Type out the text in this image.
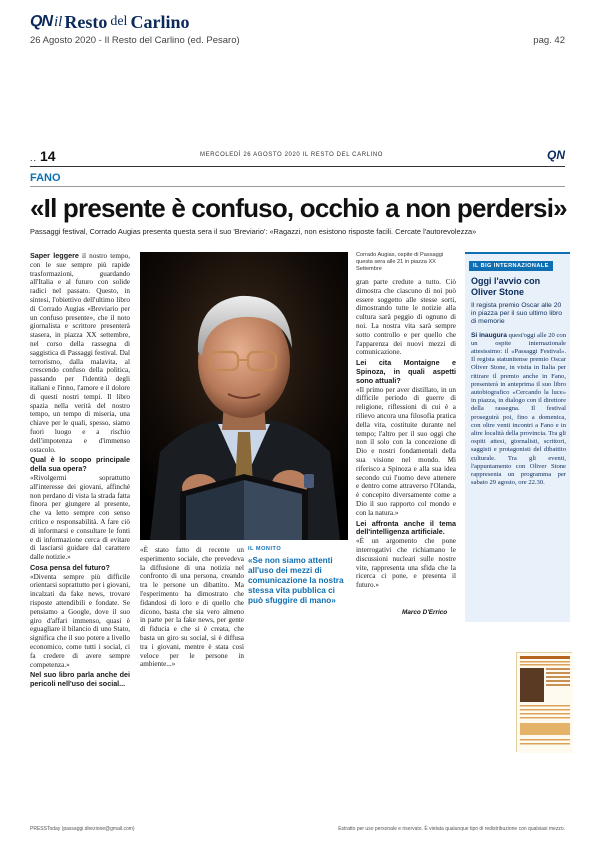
QN il Resto del Carlino
26 Agosto 2020 - Il Resto del Carlino (ed. Pesaro)	pag. 42
.. 14	MERCOLEDÌ 26 AGOSTO 2020 IL RESTO DEL CARLINO	QN
FANO
«Il presente è confuso, occhio a non perdersi»
Passaggi festival, Corrado Augias presenta questa sera il suo 'Breviario': «Ragazzi, non esistono risposte facili. Cercate l'autorevolezza»

Saper leggere il nostro tempo, con le sue sempre più rapide trasformazioni, guardando all'Italia e al futuro con solide radici nel passato. Questo, in sintesi, l'obiettivo dell'ultimo libro di Corrado Augias «Breviario per un confuso presente», che il noto giornalista e scrittore presenterà stasera, in piazza XX settembre, nel corso della rassegna di saggistica di Passaggi festival. Dal terrorismo, dalla malavita, al crescendo confuso della politica, passando per l'identità degli italiani e l'inno, l'amore e il dolore di questi nostri tempi. Il libro spazia nella verità del nostro tempo, un tempo di miseria, una chiave per le quali, spesso, siamo fuori luogo e a rischio dell'impotenza e d'immenso ostacolo.

Qual è lo scopo principale della sua opera?

«Rivolgermi soprattutto all'interesse dei giovani, affinché non perdano di vista la strada fatta finora per giungere al presente, che va letto sempre con senso critico e responsabilità. A fare ciò di informarsi e consultare le fonti e di informazione cerca di evitare di lasciarsi guidare dal carattere dalle notizie.»

Cosa pensa del futuro?

«Diventa sempre più difficile orientarsi soprattutto per i giovani, incalzati da fake news, trovare risposte attendibili e fondate. Se pensiamo a Google, dove il suo giro d'affari immenso, quasi è eguagliare il bilancio di uno Stato, significa che il suo potere a livello economico, come tutti i social, ci fa credere di avere sempre competenza.»

Nel suo libro parla anche dei pericoli nell'uso dei social...
Corrado Augias, ospite di Passaggi
questa sera alle 21 in piazza XX Settembre

«È stato fatto di recente un esperimento sociale, che prevedeva la diffusione di una notizia nel confronto di una persona, creando tra le persone un dibattito. Ma l'esperimento ha dimostrato che fidandosi di loro e di quello che dicono, basta che sia vero almeno in parte per la fake news, per gente di fiducia e che si è creata, che basta un giro su social, si è diffusa tra i giovani, mentre è stata così veloce per le persone in ambiente...»

IL MONITO
«Se non siamo attenti all'uso dei mezzi di comunicazione la nostra stessa vita pubblica ci può sfuggire di mano»

gran parte credute a tutto. Ciò dimostra che ciascuno di noi può essere soggetto alle stesse sorti, dimostrando tutte le notizie alla cultura sarà peggio di ognuno di noi. La nostra vita sarà sempre sotto controllo e per quello che l'apparenza dei nuovi mezzi di comunicazione.

Lei cita Montaigne e Spinoza, in quali aspetti sono attuali?

«Il primo per aver distillato, in un difficile periodo di guerre di religione, riflessioni di cui è a rilievo ancora una filosofia pratica della vita, costituite durante nel tempo; l'altro per il suo oggi che non il solo con la concezione di Dio e nostri fondamentali della sua visione nel mondo. Mi riferisco a Spinoza e alla sua idea secondo cui l'uomo deve attenere e dentro come attraverso l'Olanda, è concepito diversamente come a Dio il suo rapporto col mondo e con la natura.»

Lei affronta anche il tema dell'intelligenza artificiale.

«È un argomento che pone interrogativi che richiamano le discussioni nucleari sulle nostre vite, rappresenta una sfida che la ricerca ci pone, e presenta il futuro.»

Marco D'Errico
IL BIG INTERNAZIONALE
Oggi l'avvio con Oliver Stone
Il regista premio Oscar alle 20 in piazza per il suo ultimo libro di memorie
Si inaugura quest'oggi alle 20 con un ospite internazionale attesissimo: il «Passaggi Festival». Il regista statunitense premio Oscar Oliver Stone, in visita in Italia per ritirare il premio anche in Fano, presenterà in anteprima il suo libro autobiografico «Cercando la luce» in piazza, in dialogo con il direttore della rassegna. Il festival proseguirà poi, fino a domenica, con oltre venti incontri a Fano e in altre località della provincia. Tra gli ospiti attesi, giornalisti, scrittori, saggisti e protagonisti del dibattito culturale. Tra gli eventi, l'appuntamento con Oliver Stone rappresenta un programma per sabato 29 agosto, ore 22.30.
PRESSToday (passaggi.direzione@gmail.com)	Estratto per uso personale e riservato. È vietata qualunque tipo di redistribuzione con qualsiasi mezzo.
